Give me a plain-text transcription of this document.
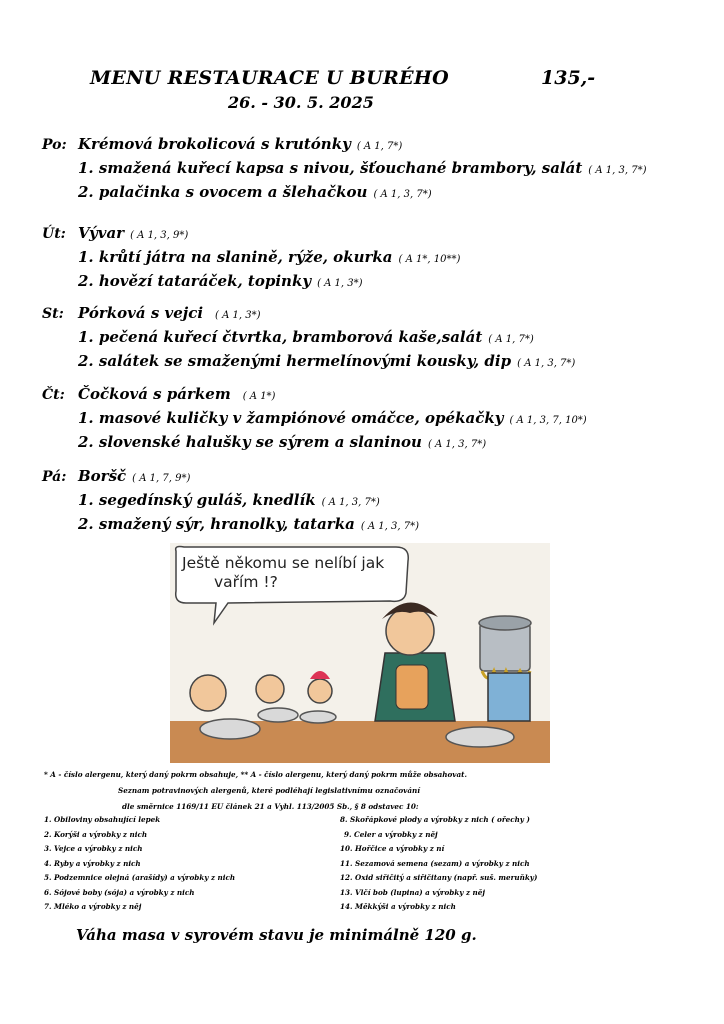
MENU RESTAURACE U BURÉHO	135,-
26. - 30. 5. 2025
Po: Krémová brokolicová s krutónky ( A 1, 7*)
1. smažená kuřecí kapsa s nivou, šťouchané brambory, salát ( A 1, 3, 7*)
2. palačinka s ovocem a šlehačkou ( A 1, 3, 7*)
Út: Vývar ( A 1, 3, 9*)
1. krůtí játra na slanině, rýže, okurka ( A 1*, 10**)
2. hovězí tataráček, topinky ( A 1, 3*)
St: Pórková s vejci ( A 1, 3*)
1. pečená kuřecí čtvrtka, bramborová kaše,salát ( A 1, 7*)
2. salátek se smaženými hermelínovými kousky, dip ( A 1, 3, 7*)
Čt: Čočková s párkem ( A 1*)
1. masové kuličky v žampiónové omáčce, opékačky ( A 1, 3, 7, 10*)
2. slovenské halušky se sýrem a slaninou ( A 1, 3, 7*)
Pá: Boršč ( A 1, 7, 9*)
1. segedínský guláš, knedlík ( A 1, 3, 7*)
2. smažený sýr, hranolky, tatarka ( A 1, 3, 7*)
Ještě někomu se nelíbí jak
vařím !?
* A - číslo alergenu, který daný pokrm obsahuje, ** A - číslo alergenu, který daný pokrm může obsahovat.
Seznam potravinových alergenů, které podléhají legislativnímu označování
dle směrnice 1169/11 EU článek 21 a Vyhl. 113/2005 Sb., § 8 odstavec 10:
1. Obiloviny obsahující lepek
2. Korýši a výrobky z nich
3. Vejce a výrobky z nich
4. Ryby a výrobky z nich
5. Podzemnice olejná (arašídy) a výrobky z nich
6. Sójové boby (sója) a výrobky z nich
7. Mléko a výrobky z něj
8. Skořápkové plody a výrobky z nich ( ořechy )
9. Celer a výrobky z něj
10. Hořčice a výrobky z ní
11. Sezamová semena (sezam) a výrobky z nich
12. Oxid siřičitý a siřičitany (např. suš. meruňky)
13. Vlčí bob (lupina) a výrobky z něj
14. Měkkýši a výrobky z nich
Váha masa v syrovém stavu je minimálně 120 g.
